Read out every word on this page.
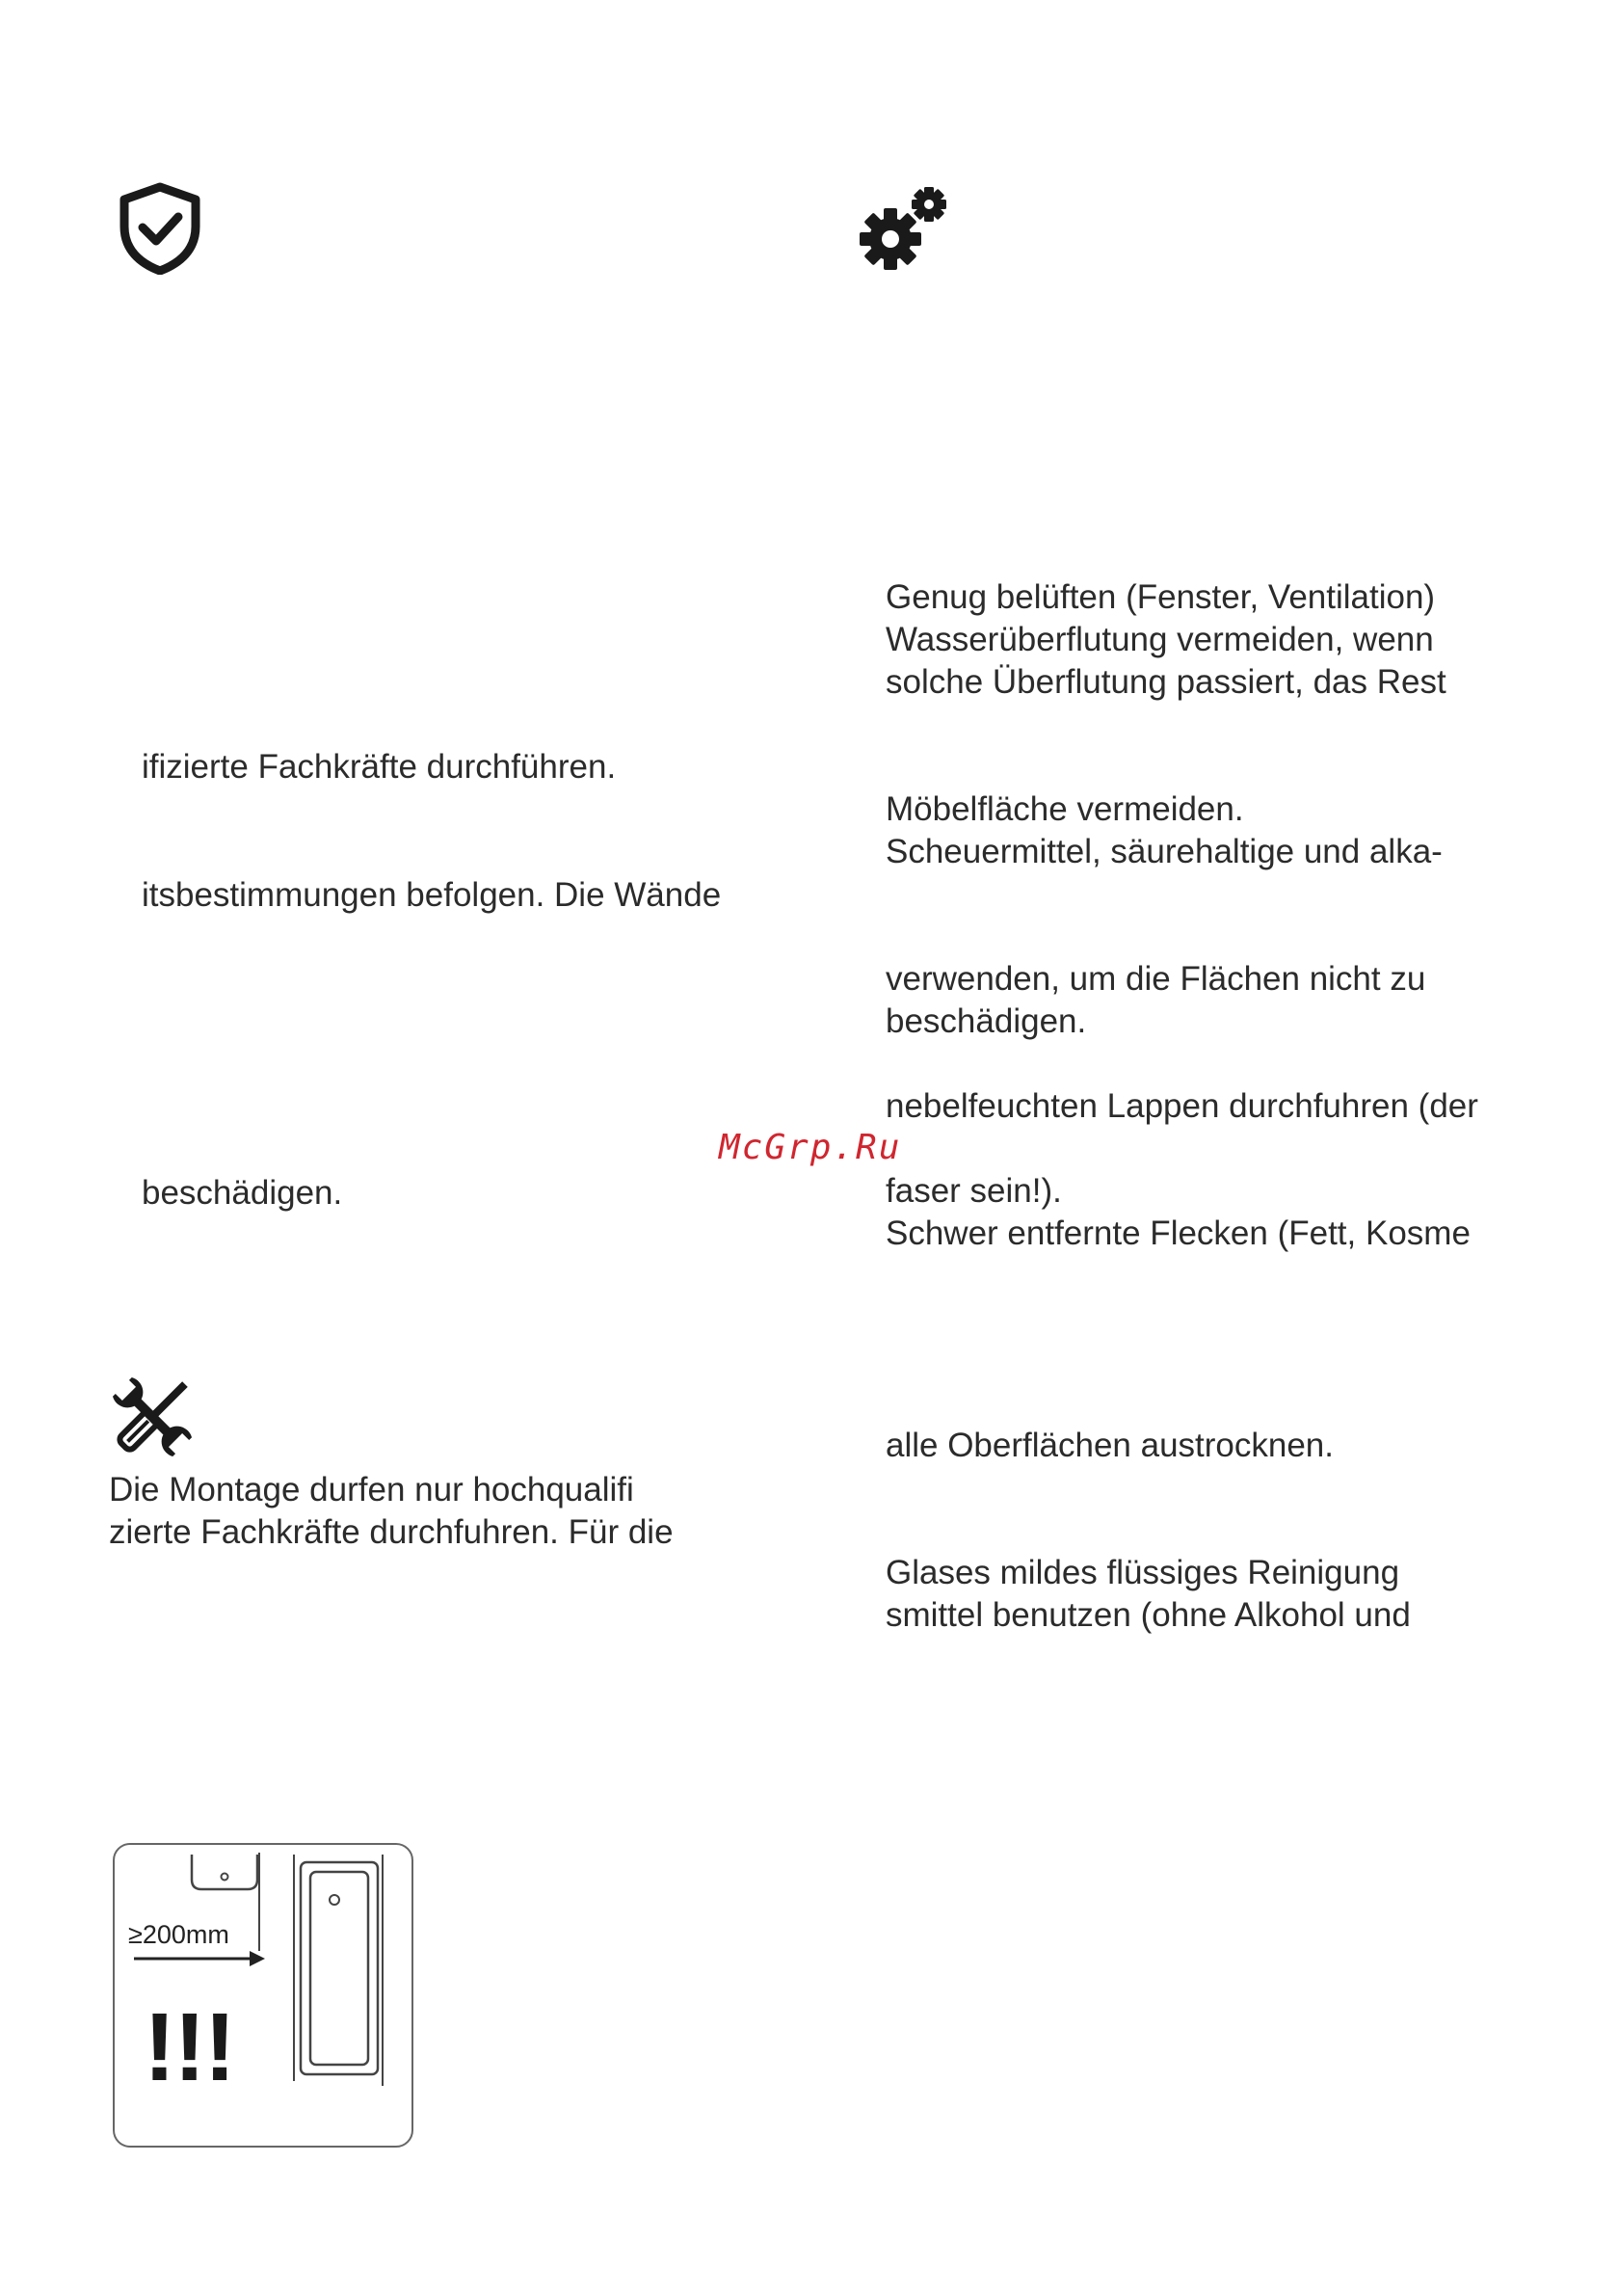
ifizierte Fachkräfte durchführen.
itsbestimmungen befolgen. Die Wände
beschädigen.
Die Montage durfen nur hochqualifi
zierte Fachkräfte durchfuhren. Für die
Genug belüften (Fenster, Ventilation)
Wasserüberflutung vermeiden, wenn
solche Überflutung passiert, das Rest
Möbelfläche vermeiden.
Scheuermittel, säurehaltige und alka-
verwenden, um die Flächen nicht zu
beschädigen.
nebelfeuchten Lappen durchfuhren (der
faser sein!).
Schwer entfernte Flecken (Fett, Kosme
alle Oberflächen austrocknen.
Glases mildes flüssiges Reinigung
smittel benutzen (ohne Alkohol und
McGrp.Ru
≥200mm
!!!
